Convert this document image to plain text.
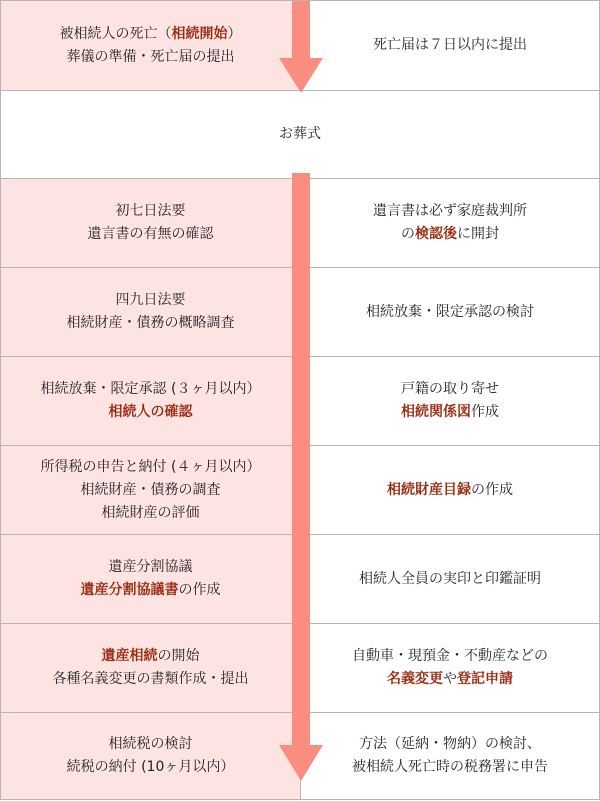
被相続人の死亡（相続開始）
葬儀の準備・死亡届の提出
死亡届は７日以内に提出
お葬式
初七日法要
遺言書の有無の確認
遺言書は必ず家庭裁判所
の検認後に開封
四九日法要
相続財産・債務の概略調査
相続放棄・限定承認の検討
相続放棄・限定承認 (３ヶ月以内）
相続人の確認
戸籍の取り寄せ
相続関係図作成
所得税の申告と納付 (４ヶ月以内）
相続財産・債務の調査
相続財産の評価
相続財産目録の作成
遺産分割協議
遺産分割協議書の作成
相続人全員の実印と印鑑証明
遺産相続の開始
各種名義変更の書類作成・提出
自動車・現預金・不動産などの
名義変更や登記申請
相続税の検討
続税の納付 (10ヶ月以内）
方法（延納・物納）の検討、
被相続人死亡時の税務署に申告
